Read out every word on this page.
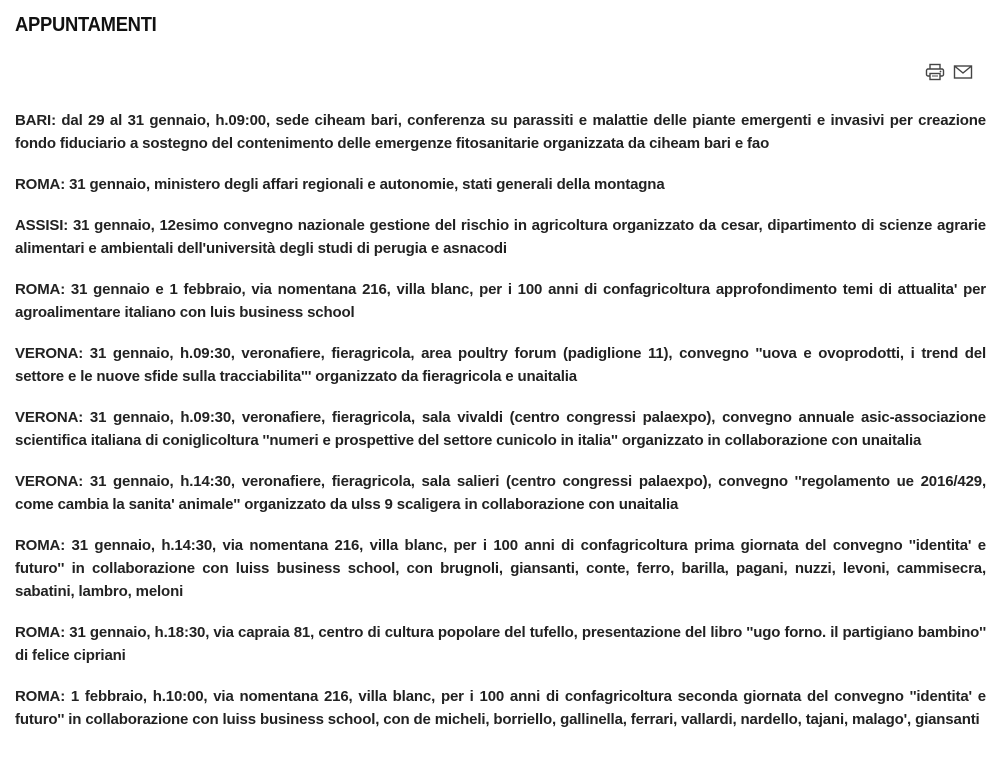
APPUNTAMENTI

BARI: dal 29 al 31 gennaio, h.09:00, sede ciheam bari, conferenza su parassiti e malattie delle piante emergenti e invasivi per creazione fondo fiduciario a sostegno del contenimento delle emergenze fitosanitarie organizzata da ciheam bari e fao

ROMA: 31 gennaio, ministero degli affari regionali e autonomie, stati generali della montagna

ASSISI: 31 gennaio, 12esimo convegno nazionale gestione del rischio in agricoltura organizzato da cesar, dipartimento di scienze agrarie alimentari e ambientali dell'università degli studi di perugia e asnacodi

ROMA: 31 gennaio e 1 febbraio, via nomentana 216, villa blanc, per i 100 anni di confagricoltura approfondimento temi di attualita' per agroalimentare italiano con luis business school

VERONA: 31 gennaio, h.09:30, veronafiere, fieragricola, area poultry forum (padiglione 11), convegno ''uova e ovoprodotti, i trend del settore e le nuove sfide sulla tracciabilita''' organizzato da fieragricola e unaitalia

VERONA: 31 gennaio, h.09:30, veronafiere, fieragricola, sala vivaldi (centro congressi palaexpo), convegno annuale asic-associazione scientifica italiana di coniglicoltura ''numeri e prospettive del settore cunicolo in italia'' organizzato in collaborazione con unaitalia

VERONA: 31 gennaio, h.14:30, veronafiere, fieragricola, sala salieri (centro congressi palaexpo), convegno ''regolamento ue 2016/429, come cambia la sanita' animale'' organizzato da ulss 9 scaligera in collaborazione con unaitalia

ROMA: 31 gennaio, h.14:30, via nomentana 216, villa blanc, per i 100 anni di confagricoltura prima giornata del convegno ''identita' e futuro'' in collaborazione con luiss business school, con brugnoli, giansanti, conte, ferro, barilla, pagani, nuzzi, levoni, cammisecra, sabatini, lambro, meloni

ROMA: 31 gennaio, h.18:30, via capraia 81, centro di cultura popolare del tufello, presentazione del libro ''ugo forno. il partigiano bambino'' di felice cipriani

ROMA: 1 febbraio, h.10:00, via nomentana 216, villa blanc, per i 100 anni di confagricoltura seconda giornata del convegno ''identita' e futuro'' in collaborazione con luiss business school, con de micheli, borriello, gallinella, ferrari, vallardi, nardello, tajani, malago', giansanti
